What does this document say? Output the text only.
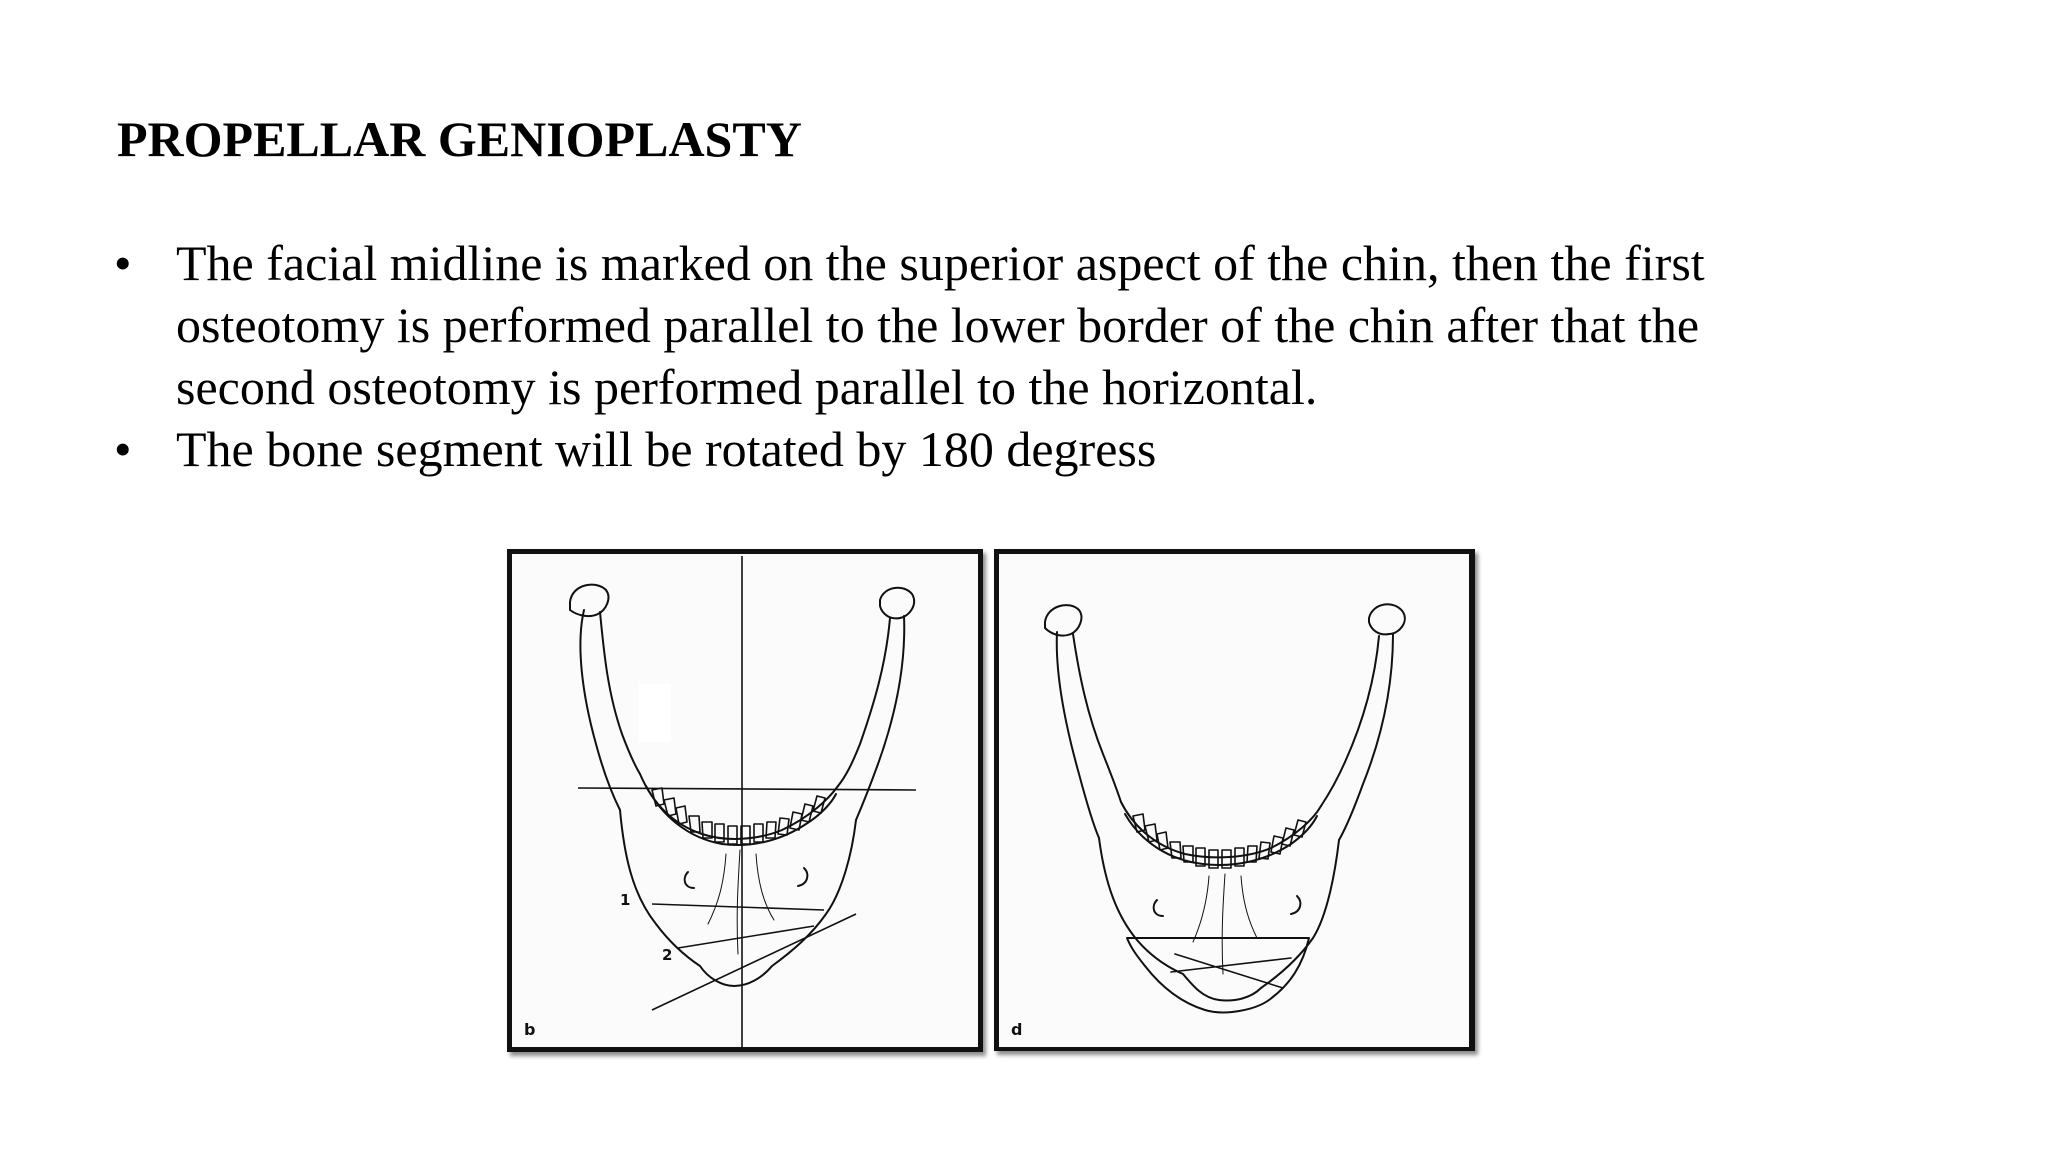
PROPELLAR GENIOPLASTY
• The facial midline is marked on the superior aspect of the chin, then the first osteotomy is performed parallel to the lower border of the chin after that the second osteotomy is performed parallel to the horizontal.
• The bone segment will be rotated by 180 degress
1
2
b	d
